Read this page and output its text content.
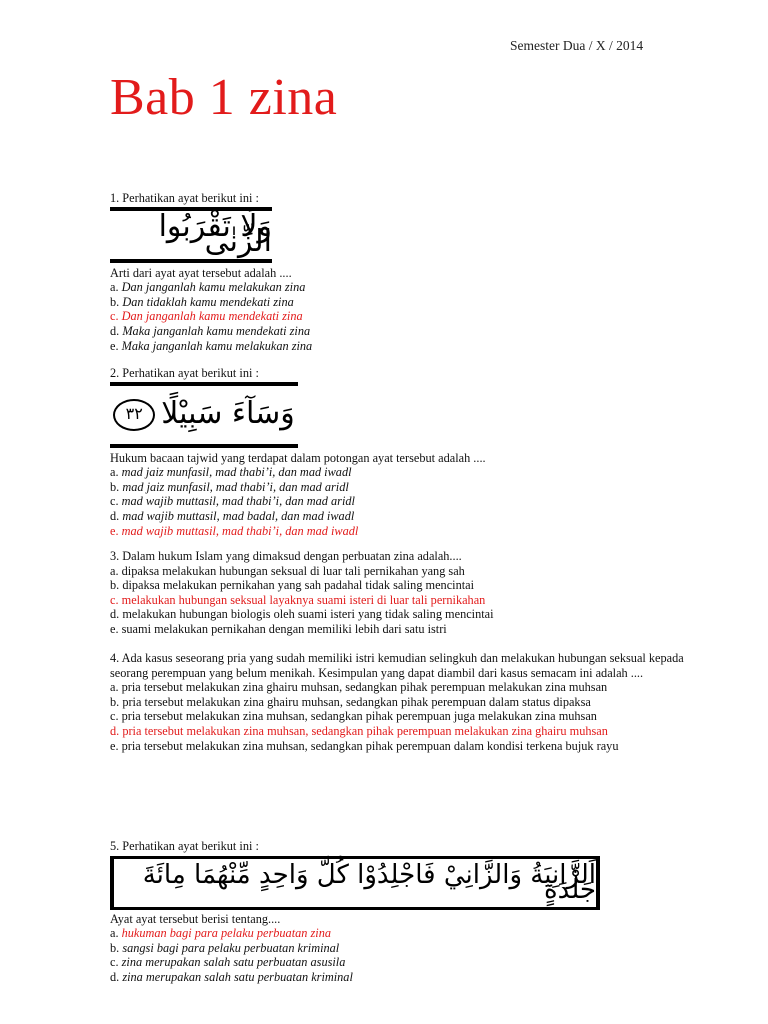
Semester Dua / X / 2014
Bab 1 zina

1. Perhatikan ayat berikut ini :

وَلَا تَقْرَبُوا الزِّنٰى

Arti dari ayat ayat tersebut adalah ....

a. Dan janganlah kamu melakukan zina

b. Dan tidaklah kamu mendekati zina

c. Dan janganlah kamu mendekati zina

d. Maka janganlah kamu mendekati zina

e. Maka janganlah kamu melakukan zina

2. Perhatikan ayat berikut ini :

وَسَآءَ سَبِيْلًا
٣٢

Hukum bacaan tajwid yang terdapat dalam potongan ayat tersebut adalah ....

a. mad jaiz munfasil, mad thabi’i, dan mad iwadl

b. mad jaiz munfasil, mad thabi’i, dan mad aridl

c. mad wajib muttasil, mad thabi’i, dan mad aridl

d. mad wajib muttasil, mad badal, dan mad iwadl

e. mad wajib muttasil, mad thabi’i, dan mad iwadl

3. Dalam hukum Islam yang dimaksud dengan perbuatan zina adalah....

a. dipaksa melakukan hubungan seksual di luar tali pernikahan yang sah

b. dipaksa melakukan pernikahan yang sah padahal tidak saling mencintai

c. melakukan hubungan seksual layaknya suami isteri di luar tali pernikahan

d. melakukan hubungan biologis oleh suami isteri yang tidak saling mencintai

e. suami melakukan pernikahan dengan memiliki lebih dari satu istri

4. Ada kasus seseorang pria yang sudah memiliki istri kemudian selingkuh dan melakukan hubungan seksual kepada seorang perempuan yang belum menikah. Kesimpulan yang dapat diambil dari kasus semacam ini adalah ....

a. pria tersebut melakukan zina ghairu muhsan, sedangkan pihak perempuan melakukan zina muhsan

b. pria tersebut melakukan zina ghairu muhsan, sedangkan pihak perempuan dalam status dipaksa

c. pria tersebut melakukan zina muhsan, sedangkan pihak perempuan juga melakukan zina muhsan

d. pria tersebut melakukan zina muhsan, sedangkan pihak perempuan melakukan zina ghairu muhsan

e. pria tersebut melakukan zina muhsan, sedangkan pihak perempuan dalam kondisi terkena bujuk rayu

5. Perhatikan ayat berikut ini :

اَلزَّانِيَةُ وَالزَّانِيْ فَاجْلِدُوْا كُلَّ وَاحِدٍ مِّنْهُمَا مِائَةَ جَلْدَةٍ

Ayat ayat tersebut berisi tentang....

a. hukuman bagi para pelaku perbuatan zina

b. sangsi bagi para pelaku perbuatan kriminal

c. zina merupakan salah satu perbuatan asusila

d. zina merupakan salah satu perbuatan kriminal
